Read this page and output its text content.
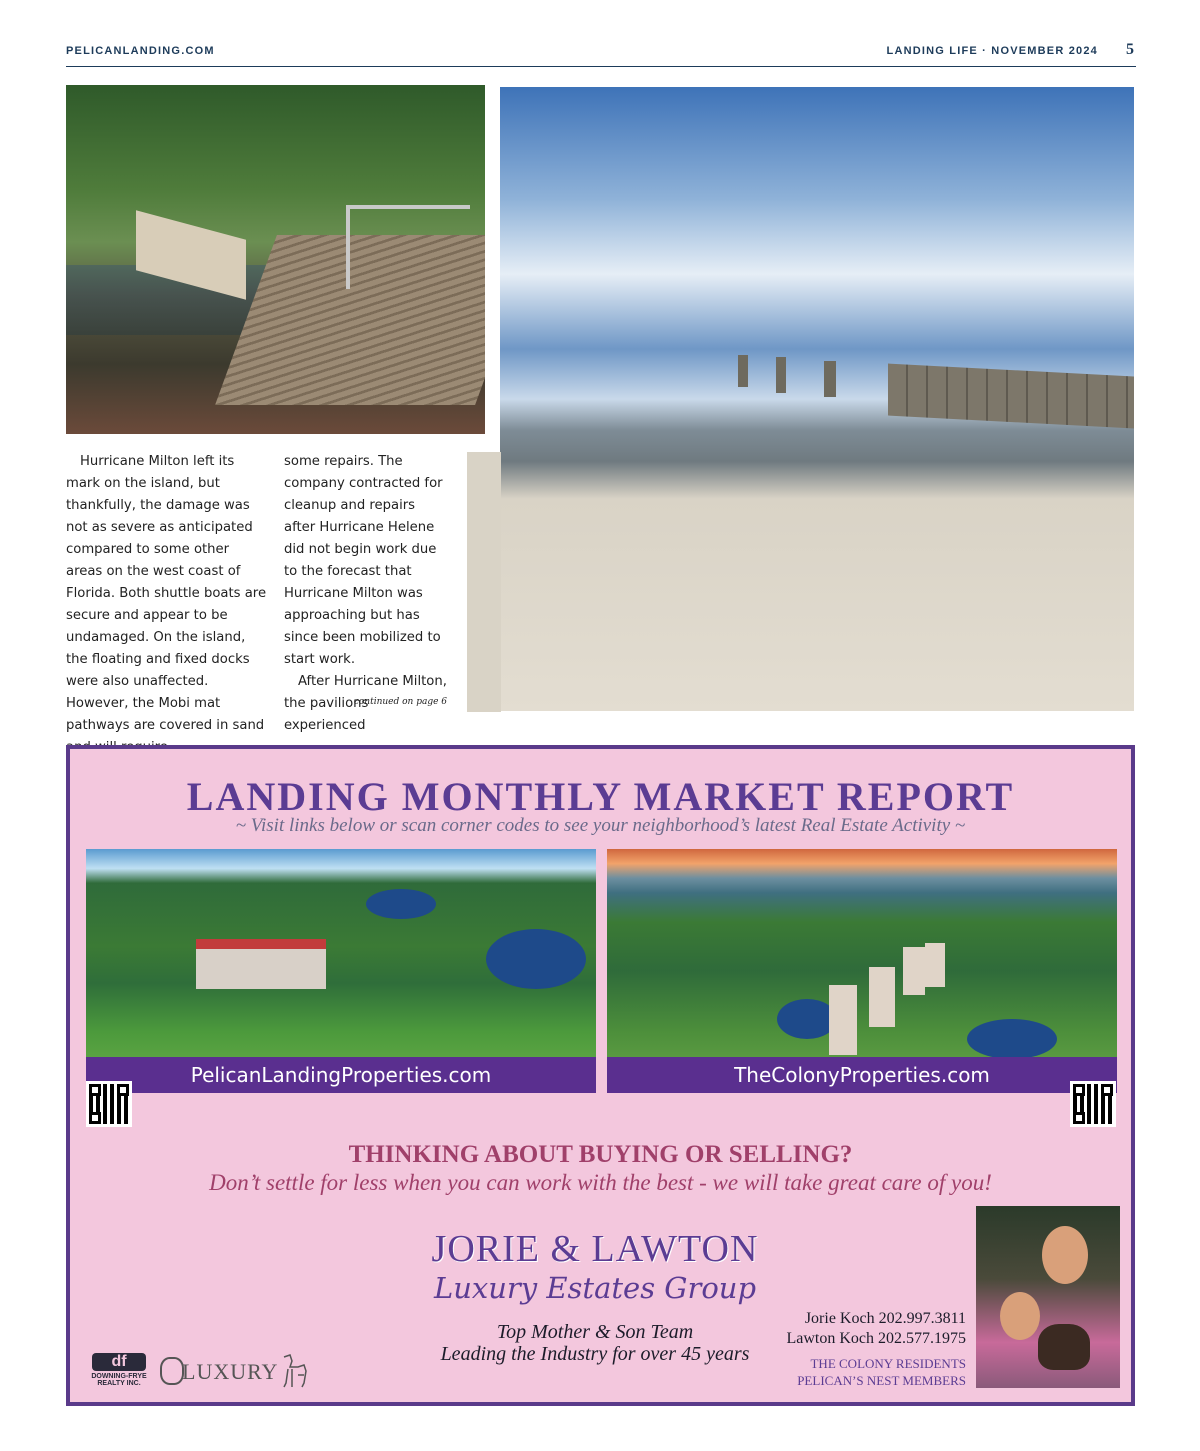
PELICANLANDING.COM	LANDING LIFE · NOVEMBER 2024 5

Hurricane Milton left its mark on the island, but thankfully, the damage was not as severe as anticipated compared to some other areas on the west coast of Florida. Both shuttle boats are secure and appear to be undamaged. On the island, the floating and fixed docks were also unaffected. However, the Mobi mat pathways are covered in sand

some repairs. The company contracted for cleanup and repairs after Hurricane Helene did not begin work due to the forecast that Hurricane Milton was approaching but has since been mobilized to start work.

After Hurricane Milton, the pavilions experienced

continued on page 6
LANDING MONTHLY MARKET REPORT
~ Visit links below or scan corner codes to see your neighborhood’s latest Real Estate Activity ~
PelicanLandingProperties.com	TheColonyProperties.com
THINKING ABOUT BUYING OR SELLING?
Don’t settle for less when you can work with the best - we will take great care of you!
JORIE & LAWTON
Luxury Estates Group
Top Mother & Son Team
Leading the Industry for over 45 years
Jorie Koch 202.997.3811
Lawton Koch 202.577.1975
THE COLONY RESIDENTS
PELICAN’S NEST MEMBERS
df
DOWNING-FRYE REALTY INC.	LUXURY
